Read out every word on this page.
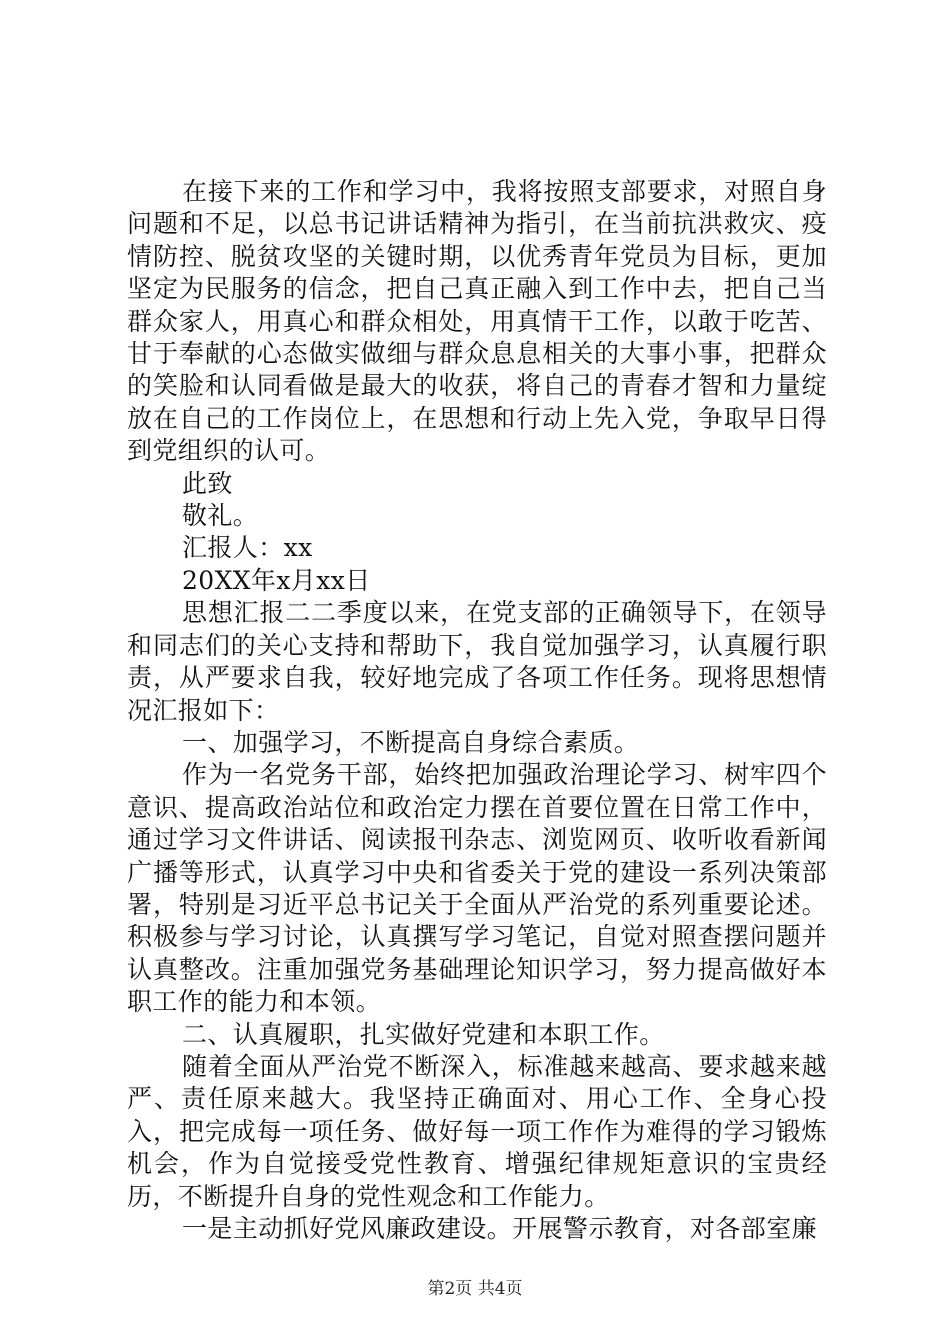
在接下来的工作和学习中，我将按照支部要求，对照自身问题和不足，以总书记讲话精神为指引，在当前抗洪救灾、疫情防控、脱贫攻坚的关键时期，以优秀青年党员为目标，更加坚定为民服务的信念，把自己真正融入到工作中去，把自己当群众家人，用真心和群众相处，用真情干工作，以敢于吃苦、甘于奉献的心态做实做细与群众息息相关的大事小事，把群众的笑脸和认同看做是最大的收获，将自己的青春才智和力量绽放在自己的工作岗位上，在思想和行动上先入党，争取早日得到党组织的认可。

此致

敬礼。

汇报人：xx

20XX年x月xx日

思想汇报二二季度以来，在党支部的正确领导下，在领导和同志们的关心支持和帮助下，我自觉加强学习，认真履行职责，从严要求自我，较好地完成了各项工作任务。现将思想情况汇报如下：

一、加强学习，不断提高自身综合素质。

作为一名党务干部，始终把加强政治理论学习、树牢四个意识、提高政治站位和政治定力摆在首要位置在日常工作中，通过学习文件讲话、阅读报刊杂志、浏览网页、收听收看新闻广播等形式，认真学习中央和省委关于党的建设一系列决策部署，特别是习近平总书记关于全面从严治党的系列重要论述。积极参与学习讨论，认真撰写学习笔记，自觉对照查摆问题并认真整改。注重加强党务基础理论知识学习，努力提高做好本职工作的能力和本领。

二、认真履职，扎实做好党建和本职工作。

随着全面从严治党不断深入，标准越来越高、要求越来越严、责任原来越大。我坚持正确面对、用心工作、全身心投入，把完成每一项任务、做好每一项工作作为难得的学习锻炼机会，作为自觉接受党性教育、增强纪律规矩意识的宝贵经历，不断提升自身的党性观念和工作能力。

一是主动抓好党风廉政建设。开展警示教育，对各部室廉

第2页 共4页
